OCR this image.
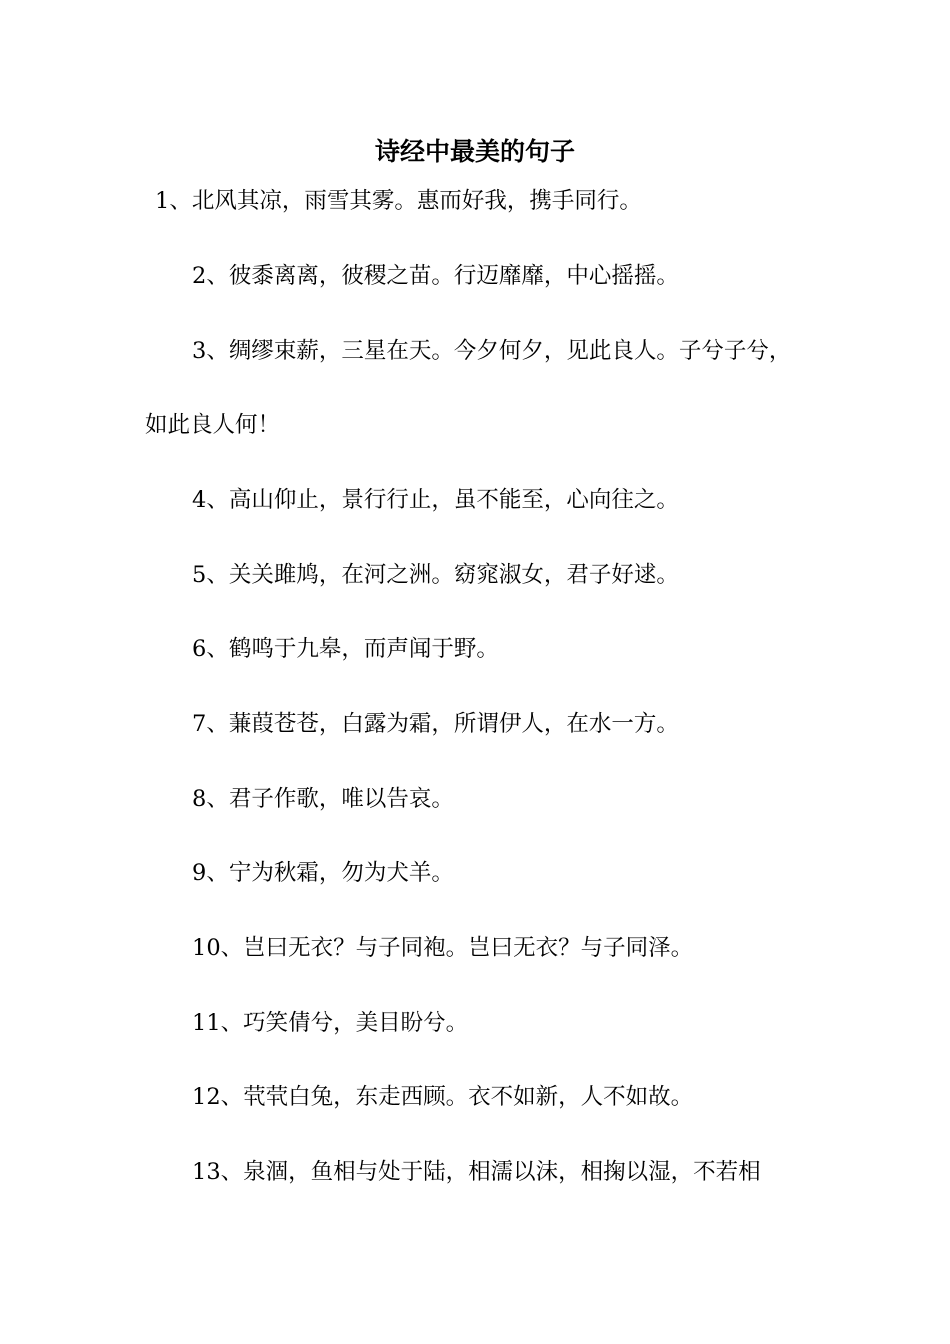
诗经中最美的句子

1、北风其凉，雨雪其雾。惠而好我，携手同行。

2、彼黍离离，彼稷之苗。行迈靡靡，中心摇摇。

3、绸缪束薪，三星在天。今夕何夕，见此良人。子兮子兮，

如此良人何！

4、高山仰止，景行行止，虽不能至，心向往之。

5、关关雎鸠，在河之洲。窈窕淑女，君子好逑。

6、鹤鸣于九皋，而声闻于野。

7、蒹葭苍苍，白露为霜，所谓伊人，在水一方。

8、君子作歌，唯以告哀。

9、宁为秋霜，勿为犬羊。

10、岂曰无衣？与子同袍。岂曰无衣？与子同泽。

11、巧笑倩兮，美目盼兮。

12、茕茕白兔，东走西顾。衣不如新，人不如故。

13、泉涸，鱼相与处于陆，相濡以沫，相掬以湿，不若相
